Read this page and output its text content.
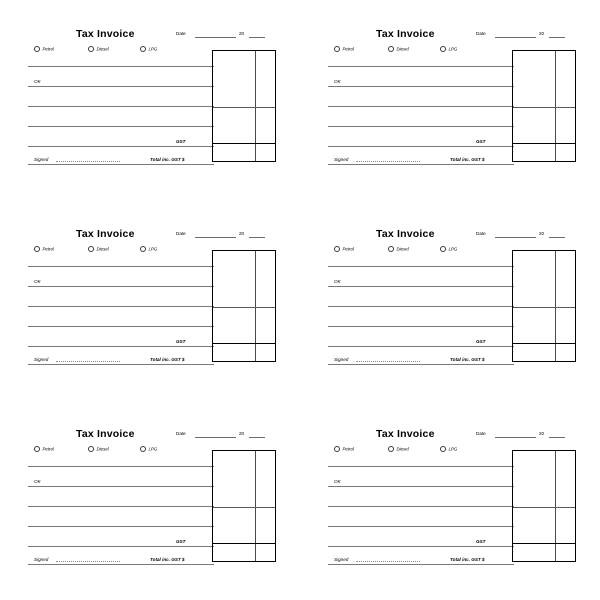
Tax Invoice	Date	20
Petrol	Diesel	LPG
OK
GST
Signed	Total inc. GST $
Tax Invoice	Date	20
Petrol	Diesel	LPG
OK
GST
Signed	Total inc. GST $
Tax Invoice	Date	20
Petrol	Diesel	LPG
OK
GST
Signed	Total inc. GST $
Tax Invoice	Date	20
Petrol	Diesel	LPG
OK
GST
Signed	Total inc. GST $
Tax Invoice	Date	20
Petrol	Diesel	LPG
OK
GST
Signed	Total inc. GST $
Tax Invoice	Date	20
Petrol	Diesel	LPG
OK
GST
Signed	Total inc. GST $
